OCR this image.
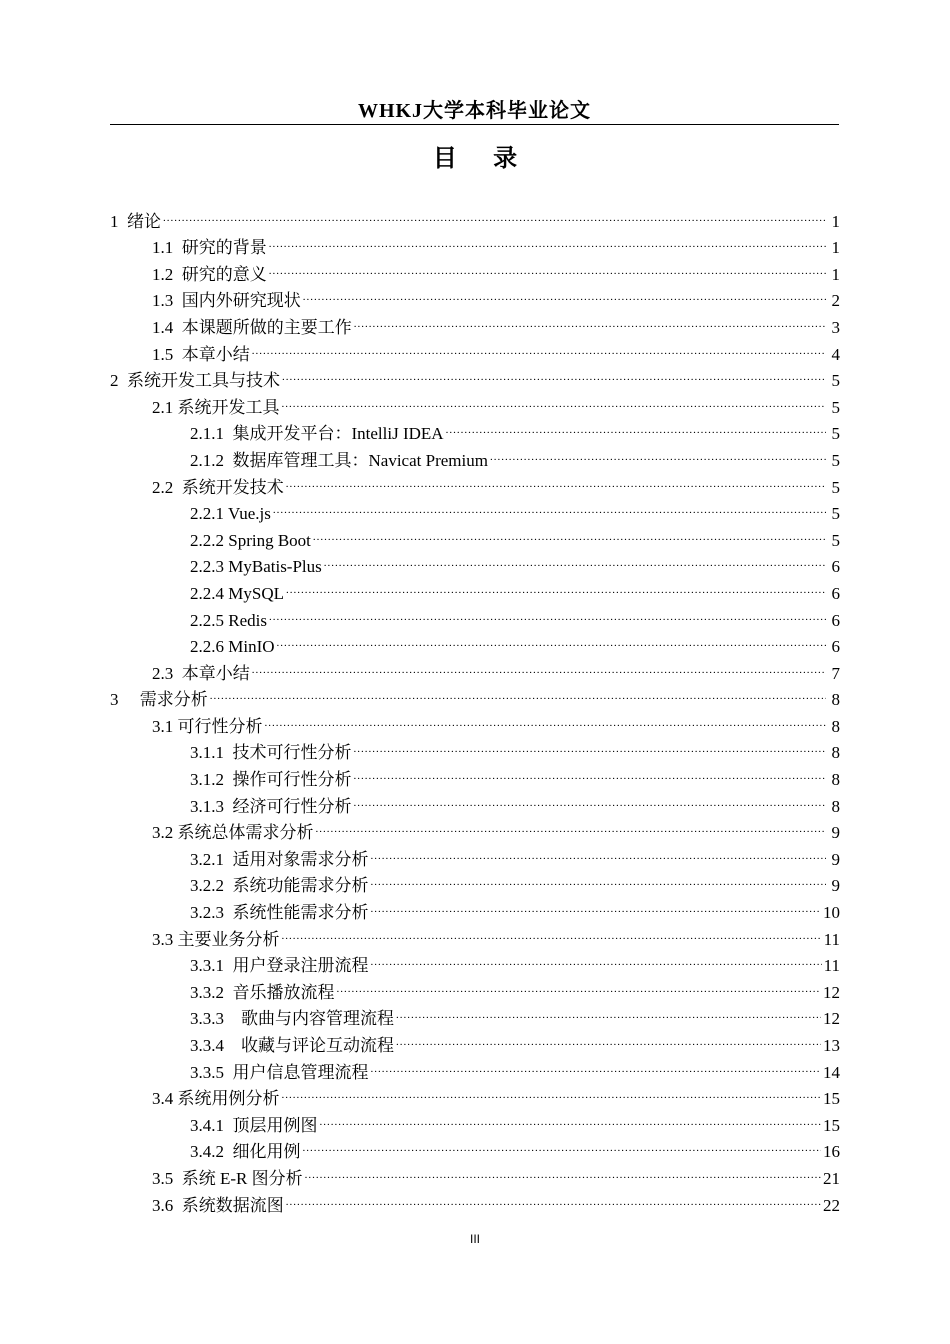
WHKJ大学本科毕业论文
目 录
1  绪论 .....	1
1.1  研究的背景 .....	1
1.2  研究的意义 .....	1
1.3  国内外研究现状 .....	2
1.4  本课题所做的主要工作 .....	3
1.5  本章小结 .....	4
2  系统开发工具与技术 .....	5
2.1 系统开发工具 .....	5
2.1.1  集成开发平台：IntelliJ IDEA .....	5
2.1.2  数据库管理工具：Navicat Premium .....	5
2.2  系统开发技术 .....	5
2.2.1 Vue.js .....	5
2.2.2 Spring Boot .....	5
2.2.3 MyBatis-Plus .....	6
2.2.4 MySQL .....	6
2.2.5 Redis .....	6
2.2.6 MinIO .....	6
2.3  本章小结 .....	7
3     需求分析 .....	8
3.1 可行性分析 .....	8
3.1.1  技术可行性分析 .....	8
3.1.2  操作可行性分析 .....	8
3.1.3  经济可行性分析 .....	8
3.2 系统总体需求分析 .....	9
3.2.1  适用对象需求分析 .....	9
3.2.2  系统功能需求分析 .....	9
3.2.3  系统性能需求分析 .....	10
3.3 主要业务分析 .....	11
3.3.1  用户登录注册流程 .....	11
3.3.2  音乐播放流程 .....	12
3.3.3    歌曲与内容管理流程 .....	12
3.3.4    收藏与评论互动流程 .....	13
3.3.5  用户信息管理流程 .....	14
3.4 系统用例分析 .....	15
3.4.1  顶层用例图 .....	15
3.4.2  细化用例 .....	16
3.5  系统 E-R 图分析 .....	21
3.6  系统数据流图 .....	22
III
